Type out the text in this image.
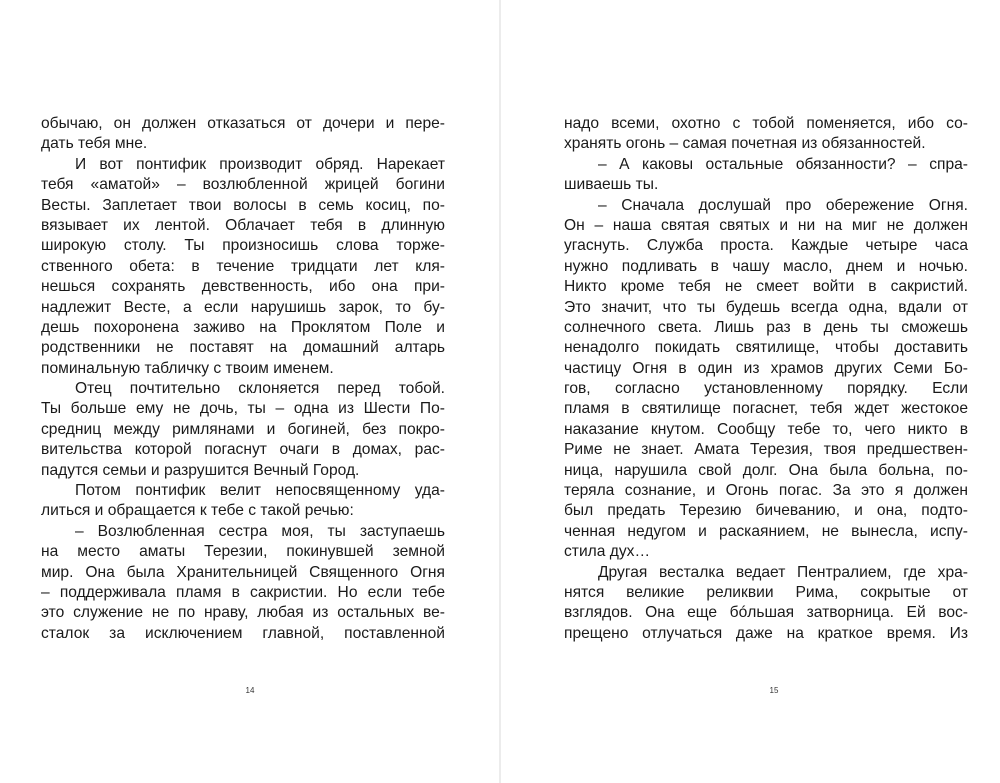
обычаю, он должен отказаться от дочери и пере-
дать тебя мне.
И вот понтифик производит обряд. Нарекает
тебя «аматой» – возлюбленной жрицей богини
Весты. Заплетает твои волосы в семь косиц, по-
вязывает их лентой. Облачает тебя в длинную
широкую столу. Ты произносишь слова торже-
ственного обета: в течение тридцати лет кля-
нешься сохранять девственность, ибо она при-
надлежит Весте, а если нарушишь зарок, то бу-
дешь похоронена заживо на Проклятом Поле и
родственники не поставят на домашний алтарь
поминальную табличку с твоим именем.
Отец почтительно склоняется перед тобой.
Ты больше ему не дочь, ты – одна из Шести По-
средниц между римлянами и богиней, без покро-
вительства которой погаснут очаги в домах, рас-
падутся семьи и разрушится Вечный Город.
Потом понтифик велит непосвященному уда-
литься и обращается к тебе с такой речью:
– Возлюбленная сестра моя, ты заступаешь
на место аматы Терезии, покинувшей земной
мир. Она была Хранительницей Священного Огня
– поддерживала пламя в сакристии. Но если тебе
это служение не по нраву, любая из остальных ве-
сталок за исключением главной, поставленной
14
надо всеми, охотно с тобой поменяется, ибо со-
хранять огонь – самая почетная из обязанностей.
– А каковы остальные обязанности? – спра-
шиваешь ты.
– Сначала дослушай про обережение Огня.
Он – наша святая святых и ни на миг не должен
угаснуть. Служба проста. Каждые четыре часа
нужно подливать в чашу масло, днем и ночью.
Никто кроме тебя не смеет войти в сакристий.
Это значит, что ты будешь всегда одна, вдали от
солнечного света. Лишь раз в день ты сможешь
ненадолго покидать святилище, чтобы доставить
частицу Огня в один из храмов других Семи Бо-
гов, согласно установленному порядку. Если
пламя в святилище погаснет, тебя ждет жестокое
наказание кнутом. Сообщу тебе то, чего никто в
Риме не знает. Амата Терезия, твоя предшествен-
ница, нарушила свой долг. Она была больна, по-
теряла сознание, и Огонь погас. За это я должен
был предать Терезию бичеванию, и она, подто-
ченная недугом и раскаянием, не вынесла, испу-
стила дух…
Другая весталка ведает Пентралием, где хра-
нятся великие реликвии Рима, сокрытые от
взглядов. Она еще бóльшая затворница. Ей вос-
прещено отлучаться даже на краткое время. Из
15
